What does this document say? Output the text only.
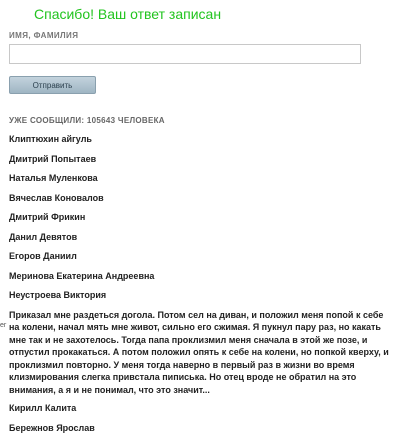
Спасибо! Ваш ответ записан
ИМЯ, ФАМИЛИЯ
Отправить
УЖЕ СООБЩИЛИ: 105643 ЧЕЛОВЕКА
ег
Клиптюхин айгуль
Дмитрий Попытаев
Наталья Муленкова
Вячеслав Коновалов
Дмитрий Фрикин
Данил Девятов
Егоров Даниил
Меринова Екатерина Андреевна
Неустроева Виктория
Приказал мне раздеться догола. Потом сел на диван, и положил меня попой к себе на колени, начал мять мне живот, сильно его сжимая. Я пукнул пару раз, но какать мне так и не захотелось. Тогда папа проклизмил меня сначала в этой же позе, и отпустил прокакаться. А потом положил опять к себе на колени, но попкой кверху, и проклизмил повторно. У меня тогда наверно в первый раз в жизни во время клизмирования слегка привстала пиписька. Но отец вроде не обратил на это внимания, а я и не понимал, что это значит...
Кирилл Калита
Бережнов Ярослав
